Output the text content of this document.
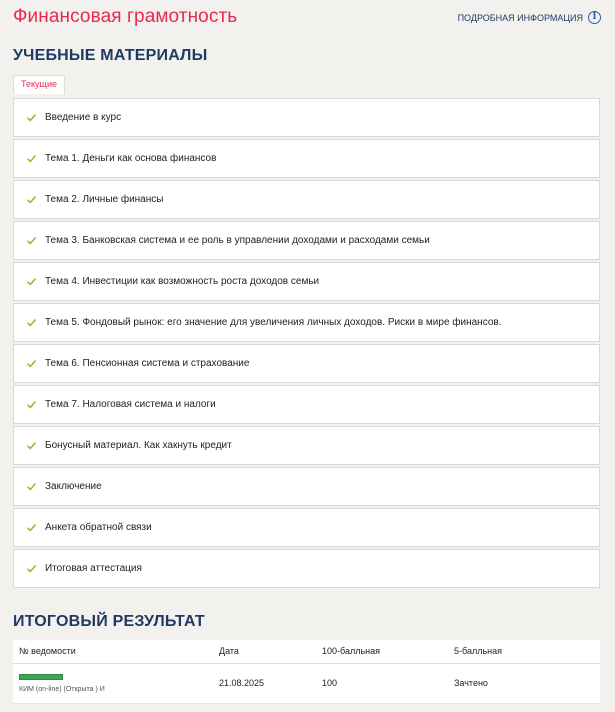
Финансовая грамотность	ПОДРОБНАЯ ИНФОРМАЦИЯ	I
УЧЕБНЫЕ МАТЕРИАЛЫ
Текущие
Введение в курс
Тема 1. Деньги как основа финансов
Тема 2. Личные финансы
Тема 3. Банковская система и ее роль в управлении доходами и расходами семьи
Тема 4. Инвестиции как возможность роста доходов семьи
Тема 5. Фондовый рынок: его значение для увеличения личных доходов. Риски в мире финансов.
Тема 6. Пенсионная система и страхование
Тема 7. Налоговая система и налоги
Бонусный материал. Как хакнуть кредит
Заключение
Анкета обратной связи
Итоговая аттестация
ИТОГОВЫЙ РЕЗУЛЬТАТ
№ ведомости	Дата	100-балльная	5-балльная

КИМ (on-line) (Открыта ) И	21.08.2025	100	Зачтено
